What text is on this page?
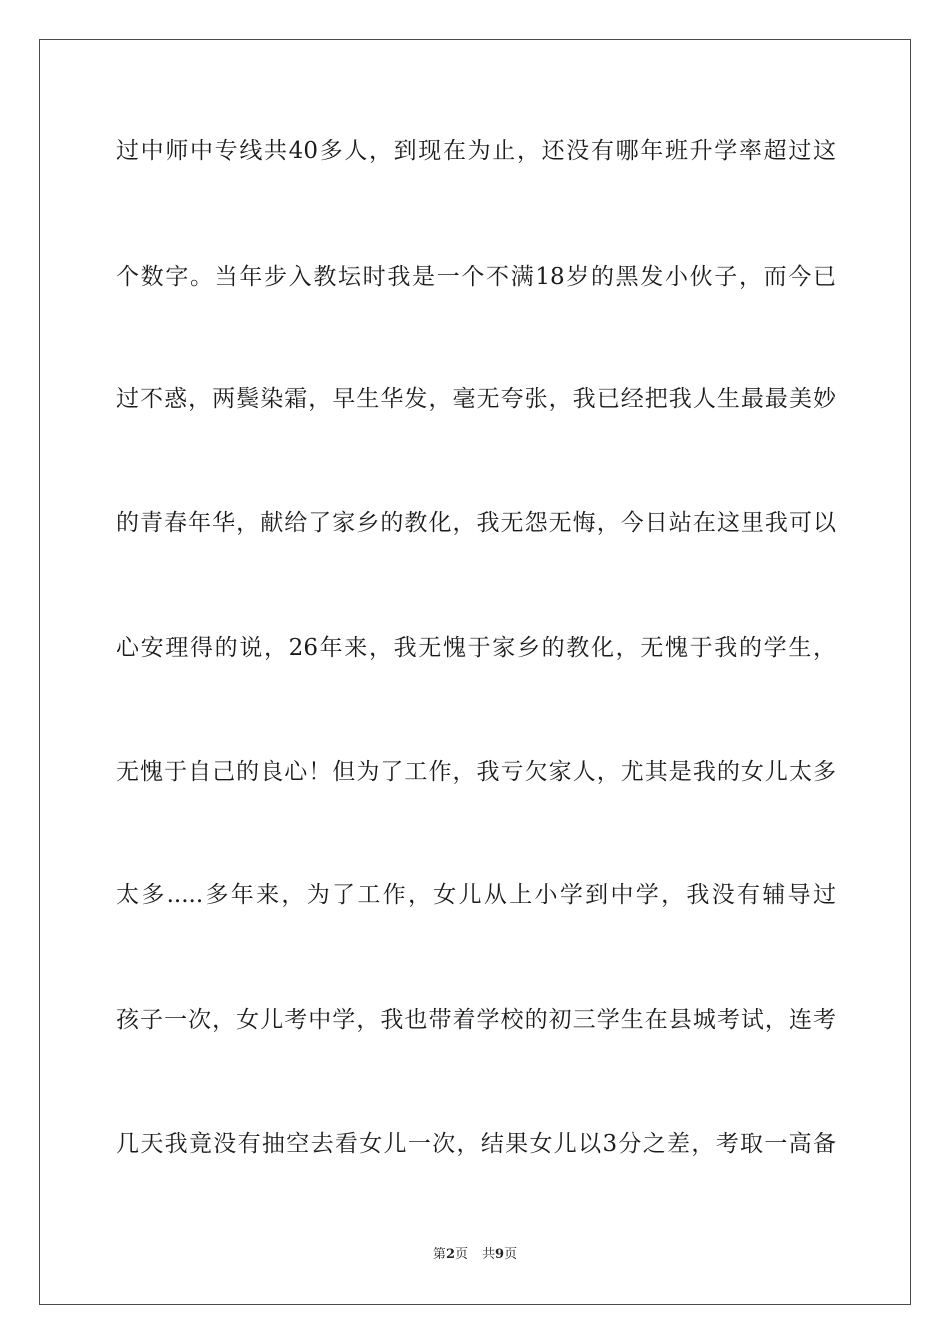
过中师中专线共40多人，到现在为止，还没有哪年班升学率超过这
个数字。当年步入教坛时我是一个不满18岁的黑发小伙子，而今已
过不惑，两鬓染霜，早生华发，毫无夸张，我已经把我人生最最美妙
的青春年华，献给了家乡的教化，我无怨无悔，今日站在这里我可以
心安理得的说，26年来，我无愧于家乡的教化，无愧于我的学生，
无愧于自己的良心！但为了工作，我亏欠家人，尤其是我的女儿太多
太多.....多年来，为了工作，女儿从上小学到中学，我没有辅导过
孩子一次，女儿考中学，我也带着学校的初三学生在县城考试，连考
几天我竟没有抽空去看女儿一次，结果女儿以3分之差，考取一高备
第2页 共9页
